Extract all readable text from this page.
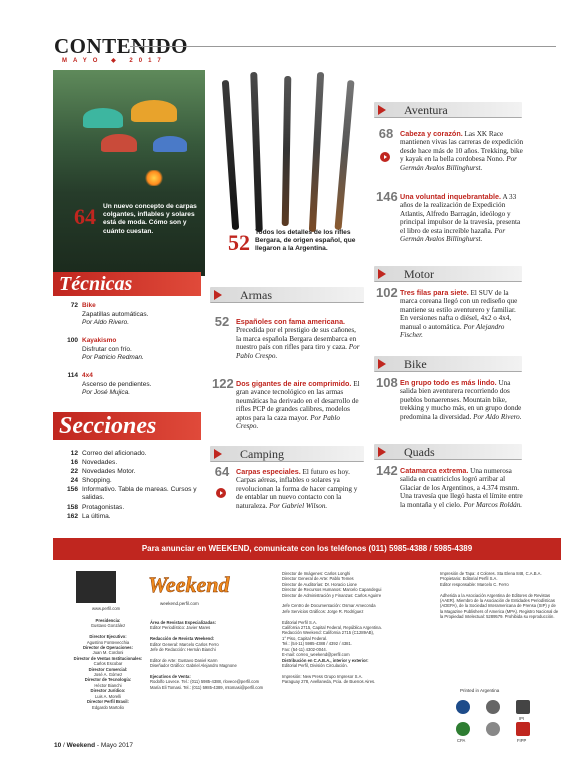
CONTENIDO
MAYO ◆ 2017
64 Un nuevo concepto de carpas colgantes, inflables y solares está de moda. Cómo son y cuánto cuestan.	52 Todos los detalles de los rifles Bergara, de origen español, que llegaron a la Argentina.
Técnicas
72 Bike
Zapatillas automáticas.
Por Aldo Rivero.
100 Kayakismo
Disfrutar con frío.
Por Patricio Redman.
114 4x4
Ascenso de pendientes.
Por José Mujica.
Secciones
12 Correo del aficionado.
16 Novedades.
22 Novedades Motor.
24 Shopping.
156 Informativo. Tabla de mareas. Cursos y salidas.
158 Protagonistas.
162 La última.
Armas
52 Españoles con fama americana. Precedida por el prestigio de sus cañones, la marca española Bergara desembarca en nuestro país con rifles para tiro y caza. Por Pablo Crespo.
122 Dos gigantes de aire comprimido. El gran avance tecnológico en las armas neumáticas ha derivado en el desarrollo de rifles PCP de grandes calibres, modelos aptos para la caza mayor. Por Pablo Crespo.
Camping
64 Carpas especiales. El futuro es hoy. Carpas aéreas, inflables o solares ya revolucionan la forma de hacer camping y de entablar un nuevo contacto con la naturaleza. Por Gabriel Wilson.
Aventura
68 Cabeza y corazón. Las XK Race mantienen vivas las carreras de expedición desde hace más de 10 años. Trekking, bike y kayak en la bella cordobesa Nono. Por Germán Avalos Billinghurst.
146 Una voluntad inquebrantable. A 33 años de la realización de Expedición Atlantis, Alfredo Barragán, ideólogo y principal impulsor de la travesía, presenta el libro de esta increíble hazaña. Por Germán Avalos Billinghurst.
Motor
102 Tres filas para siete. El SUV de la marca coreana llegó con un rediseño que mantiene su estilo aventurero y familiar. En versiones nafta o diésel, 4x2 o 4x4, manual o automática. Por Alejandro Fischer.
Bike
108 En grupo todo es más lindo. Una salida bien aventurera recorriendo dos pueblos bonaerenses. Mountain bike, trekking y mucho más, en un grupo donde predomina la diversidad. Por Aldo Rivero.
Quads
142 Catamarca extrema. Una numerosa salida en cuatriciclos logró arribar al Glaciar de los Argentinos, a 4.374 msnm. Una travesía que llegó hasta el límite entre la montaña y el cielo. Por Marcos Roldán.
Para anunciar en WEEKEND, comunicate con los teléfonos (011) 5985-4388 / 5985-4389
www.perfil.com
Weekend
weekend.perfil.com
Presidencia:
Gustavo González

Director Ejecutivo:
Agustino Fontevecchia
Director de Operaciones:
Juan M. Cordoni
Director de Ventas Institucionales:
Carlos Escobar
Director Comercial:
José A. Gómez
Director de Tecnología:
Héctor Bianchi
Director Jurídico:
Luis A. Morelli
Director Perfil Brasil:
Edgardo Martolio
Área de Revistas Especializadas:
Editor Periodístico: Javier Mares

Redacción de Revista Weekend:
Editor General: Marcelo Carlos Ferro
Jefe de Redacción: Hernán Bianchi

Editor de Arte: Gustavo Daniel Karm
Diseñador Gráfico: Gabriel Alejandro Magnone

Ejecutivos de Venta:
Rodolfo Lovece. Tel.: (011) 5985-4388, rlovece@perfil.com
María Eli Tomasi. Tel.: (011) 5985-4389, mtomasi@perfil.com
Director de Imágenes: Carlos Longhi
Director General de Arte: Pablo Temes
Director de Auditorías: Dr. Horacio Lione
Director de Recursos Humanos: Marcelo Capandegui
Director de Administración y Finanzas: Carlos Aguirre

Jefe Centro de Documentación: Osmar Ameconda
Jefe Servicios Gráficos: Jorge R. Rodríguez

Editorial Perfil S.A.
California 2715, Capital Federal, República Argentina.
Redacción Weekend: California 2715 (C1289AB),
1° Piso, Capital Federal.
Tel.: (54-11) 5985-4388 / 4392 / 4381.
Fax: (54-11) 4302-0044.
E-mail: correo_weekend@perfil.com
Distribución en C.A.B.A., interior y exterior:
Editorial Perfil, División Circulación.

Impresión: New Press Grupo Impresor S.A.
Paraguay 278, Avellaneda, Pcia. de Buenos Aires.
Impresión de Tapa: 4 Colores. Sta Elena 848, C.A.B.A.
Propietario: Editorial Perfil S.A.
Editor responsable: Marcelo C. Ferro

Adherida a la Asociación Argentina de Editores de Revistas (AAER). Miembro de la Asociación de Entidades Periodísticas (ADEPA), de la Sociedad Interamericana de Prensa (SIP) y de la Magazine Publishers of America (MPA). Registro Nacional de la Propiedad Intelectual: 5289579. Prohibida su reproducción.
Printed in Argentina
IPI
CPA	FIPP
10 / Weekend - Mayo 2017
